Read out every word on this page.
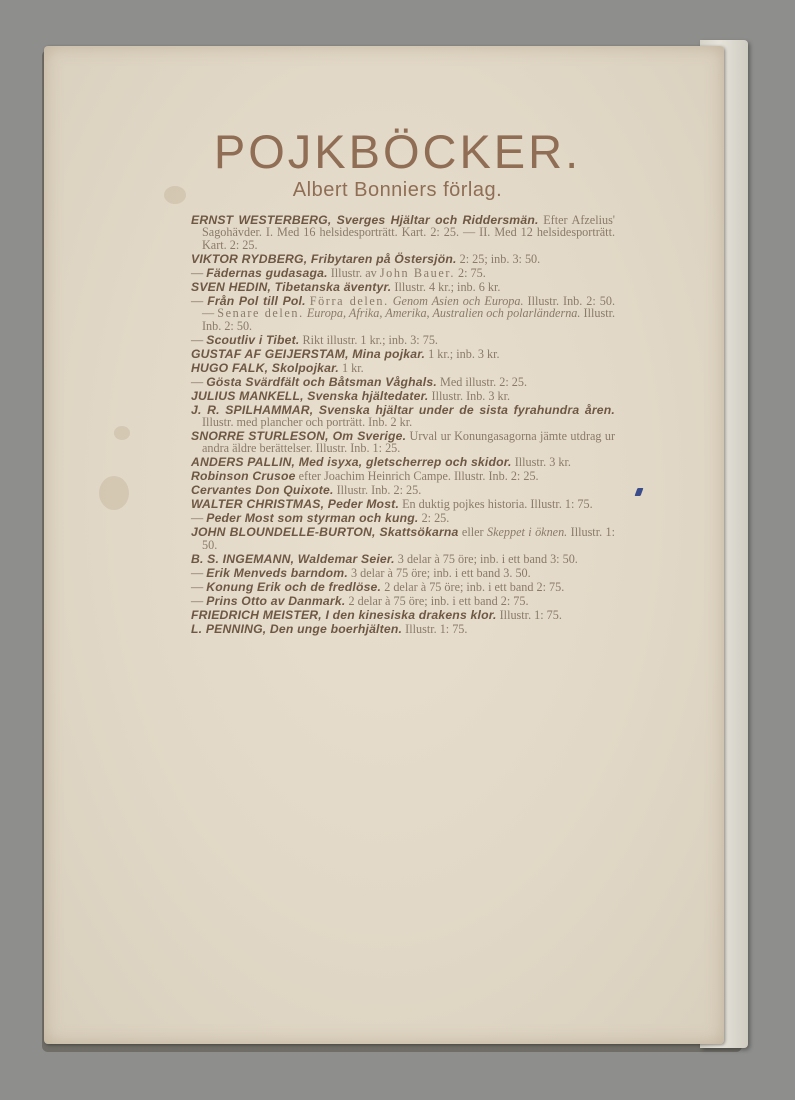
POJKBÖCKER.
Albert Bonniers förlag.

ERNST WESTERBERG, Sverges Hjältar och Riddersmän. Efter Afzelius' Sagohävder. I. Med 16 helsidesporträtt. Kart. 2: 25. — II. Med 12 helsidesporträtt. Kart. 2: 25.

VIKTOR RYDBERG, Fribytaren på Östersjön. 2: 25; inb. 3: 50.

— Fädernas gudasaga. Illustr. av John Bauer. 2: 75.

SVEN HEDIN, Tibetanska äventyr. Illustr. 4 kr.; inb. 6 kr.

— Från Pol till Pol. Förra delen. Genom Asien och Europa. Illustr. Inb. 2: 50. — Senare delen. Europa, Afrika, Amerika, Australien och polarländerna. Illustr. Inb. 2: 50.

— Scoutliv i Tibet. Rikt illustr. 1 kr.; inb. 3: 75.

GUSTAF AF GEIJERSTAM, Mina pojkar. 1 kr.; inb. 3 kr.

HUGO FALK, Skolpojkar. 1 kr.

— Gösta Svärdfält och Båtsman Våghals. Med illustr. 2: 25.

JULIUS MANKELL, Svenska hjältedater. Illustr. Inb. 3 kr.

J. R. SPILHAMMAR, Svenska hjältar under de sista fyrahundra åren. Illustr. med plancher och porträtt. Inb. 2 kr.

SNORRE STURLESON, Om Sverige. Urval ur Konungasagorna jämte utdrag ur andra äldre berättelser. Illustr. Inb. 1: 25.

ANDERS PALLIN, Med isyxa, gletscherrep och skidor. Illustr. 3 kr.

Robinson Crusoe efter Joachim Heinrich Campe. Illustr. Inb. 2: 25.

Cervantes Don Quixote. Illustr. Inb. 2: 25.

WALTER CHRISTMAS, Peder Most. En duktig pojkes historia. Illustr. 1: 75.

— Peder Most som styrman och kung. 2: 25.

JOHN BLOUNDELLE-BURTON, Skattsökarna eller Skeppet i öknen. Illustr. 1: 50.

B. S. INGEMANN, Waldemar Seier. 3 delar à 75 öre; inb. i ett band 3: 50.

— Erik Menveds barndom. 3 delar à 75 öre; inb. i ett band 3. 50.

— Konung Erik och de fredlöse. 2 delar à 75 öre; inb. i ett band 2: 75.

— Prins Otto av Danmark. 2 delar à 75 öre; inb. i ett band 2: 75.

FRIEDRICH MEISTER, I den kinesiska drakens klor. Illustr. 1: 75.

L. PENNING, Den unge boerhjälten. Illustr. 1: 75.
